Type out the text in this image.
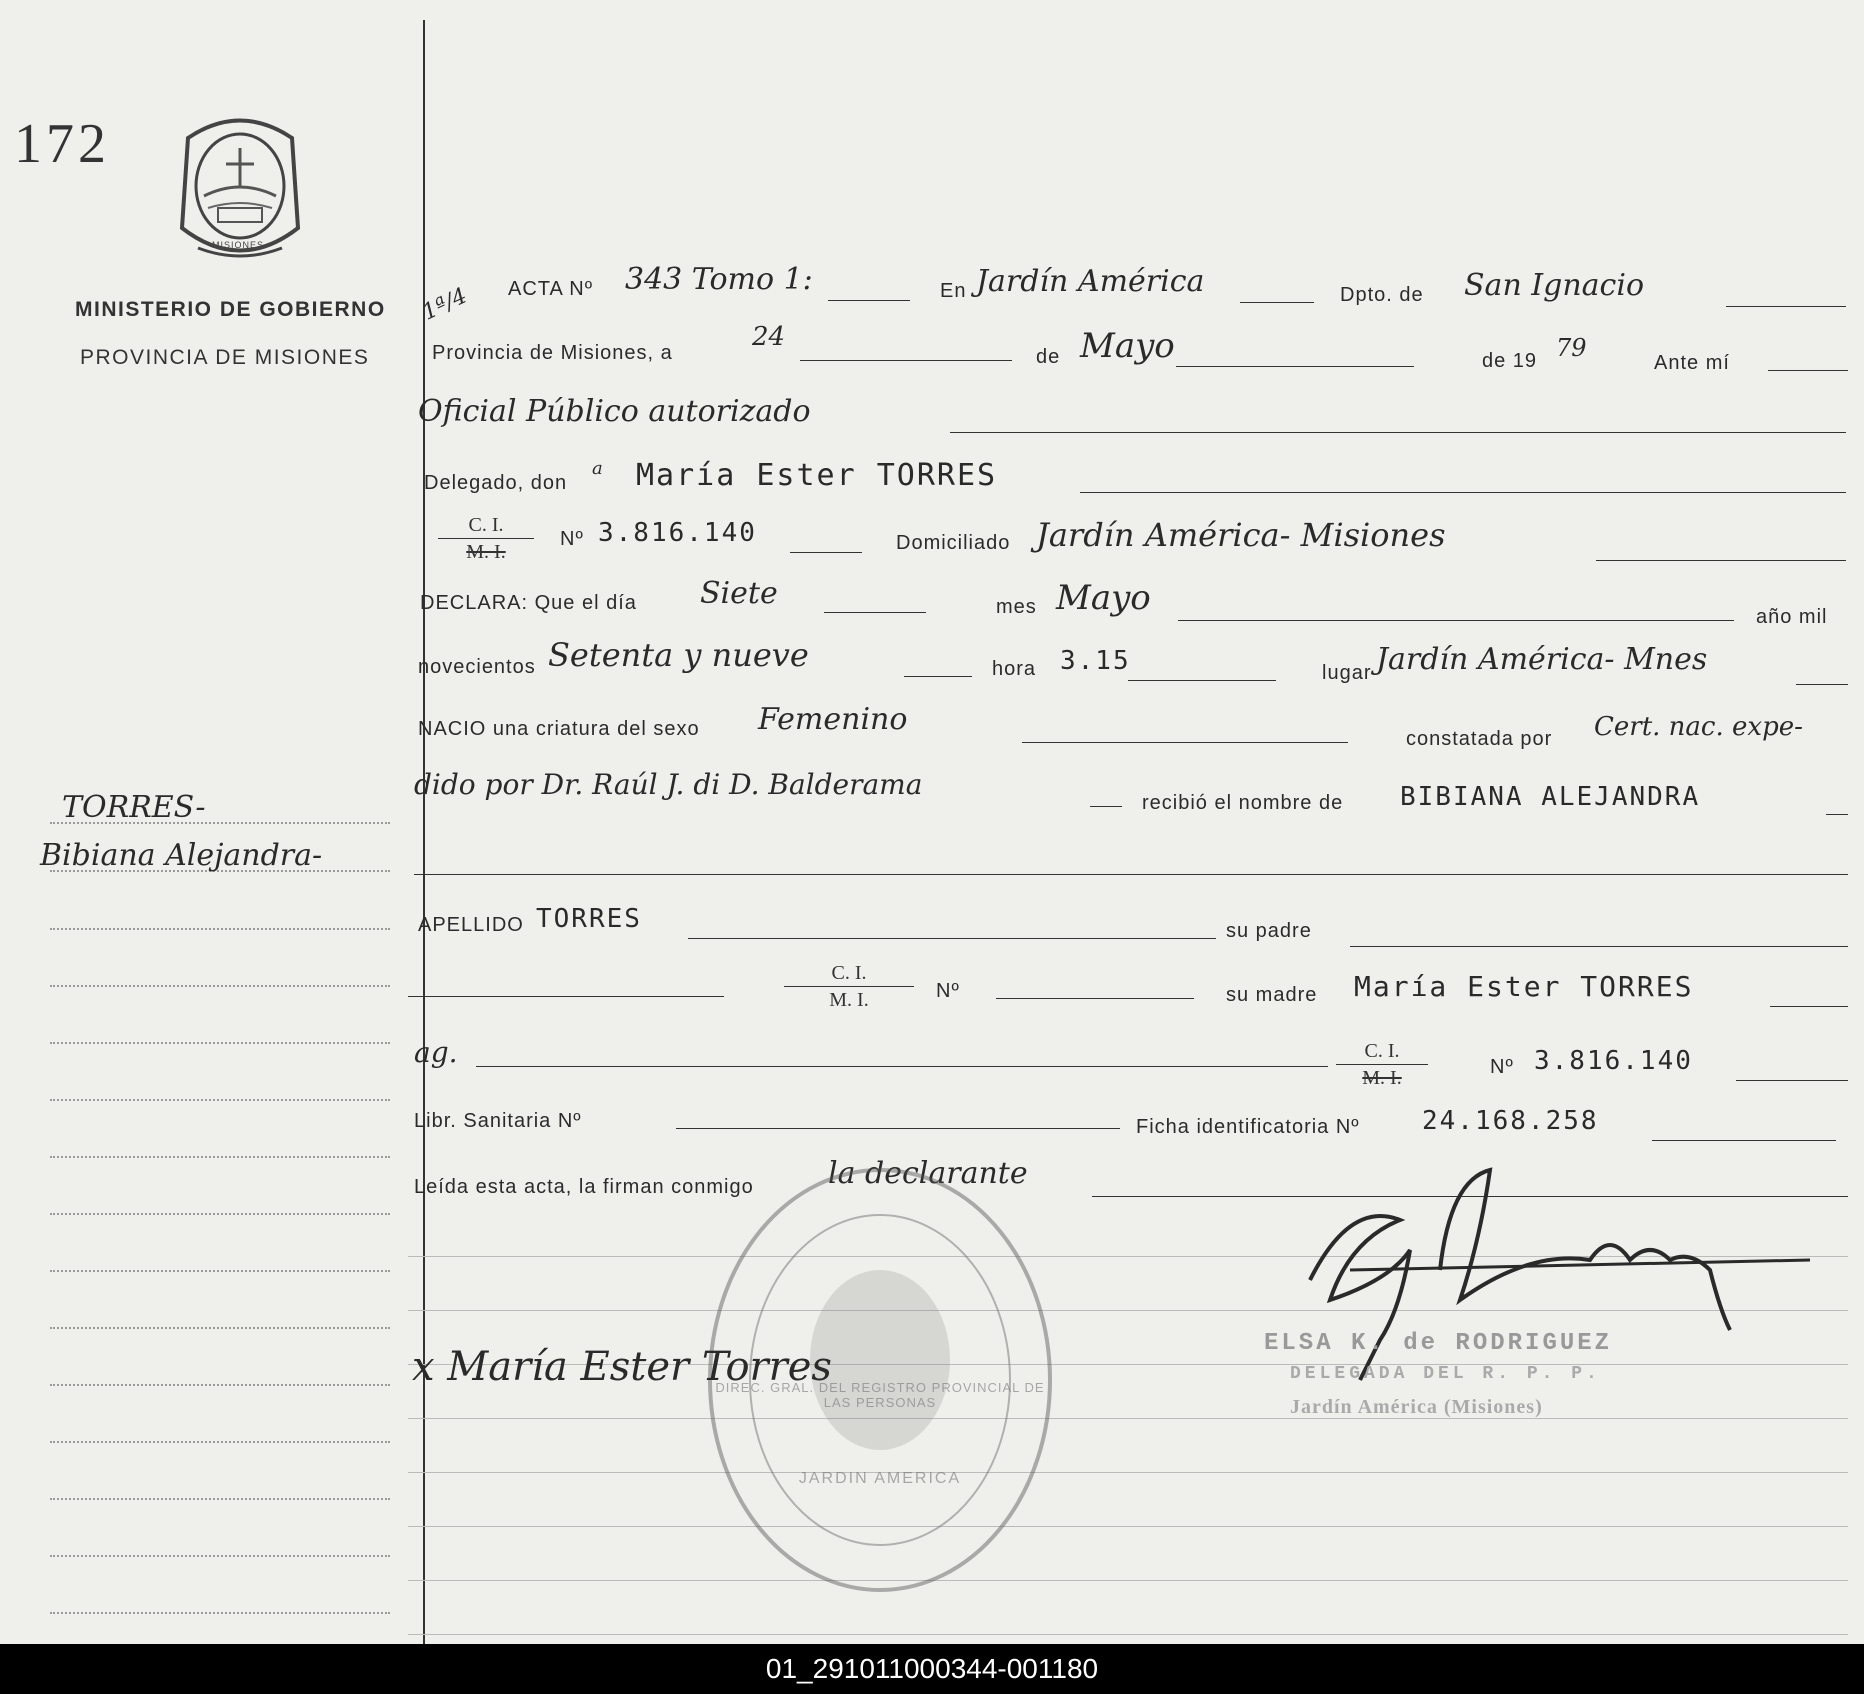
172
MISIONES
MINISTERIO DE GOBIERNO
PROVINCIA DE MISIONES
TORRES-
Bibiana Alejandra-
1ª/4 ACTA Nº 343 Tomo 1:	En Jardín América	Dpto. de San Ignacio
Provincia de Misiones, a
24
de Mayo	de 19 79
Ante mí
Oficial Público autorizado
Delegado, don
a María Ester TORRES
$\frac{C. I.}{M. I.}$ Nº 3.816.140	Domiciliado Jardín América- Misiones
DECLARA: Que el día Siete	mes Mayo	año mil
novecientos Setenta y nueve	hora 3.15	lugar Jardín América- Mnes
NACIO una criatura del sexo Femenino
constatada por Cert. nac. expe-
dido por Dr. Raúl J. di D. Balderama
recibió el nombre de BIBIANA ALEJANDRA
APELLIDO TORRES	su padre
$\frac{C. I.}{M. I.}$ Nº	su madre María Ester TORRES
ag.	$\frac{C. I.}{M. I.}$	Nº 3.816.140
Libr. Sanitaria Nº	Ficha identificatoria Nº 24.168.258
Leída esta acta, la firman conmigo la declarante
DIREC. GRAL. DEL REGISTRO PROVINCIAL DE LAS PERSONAS
JARDIN AMERICA
x María Ester Torres
ELSA K. de RODRIGUEZ
DELEGADA DEL R. P. P.
Jardín América (Misiones)
01_291011000344-001180
